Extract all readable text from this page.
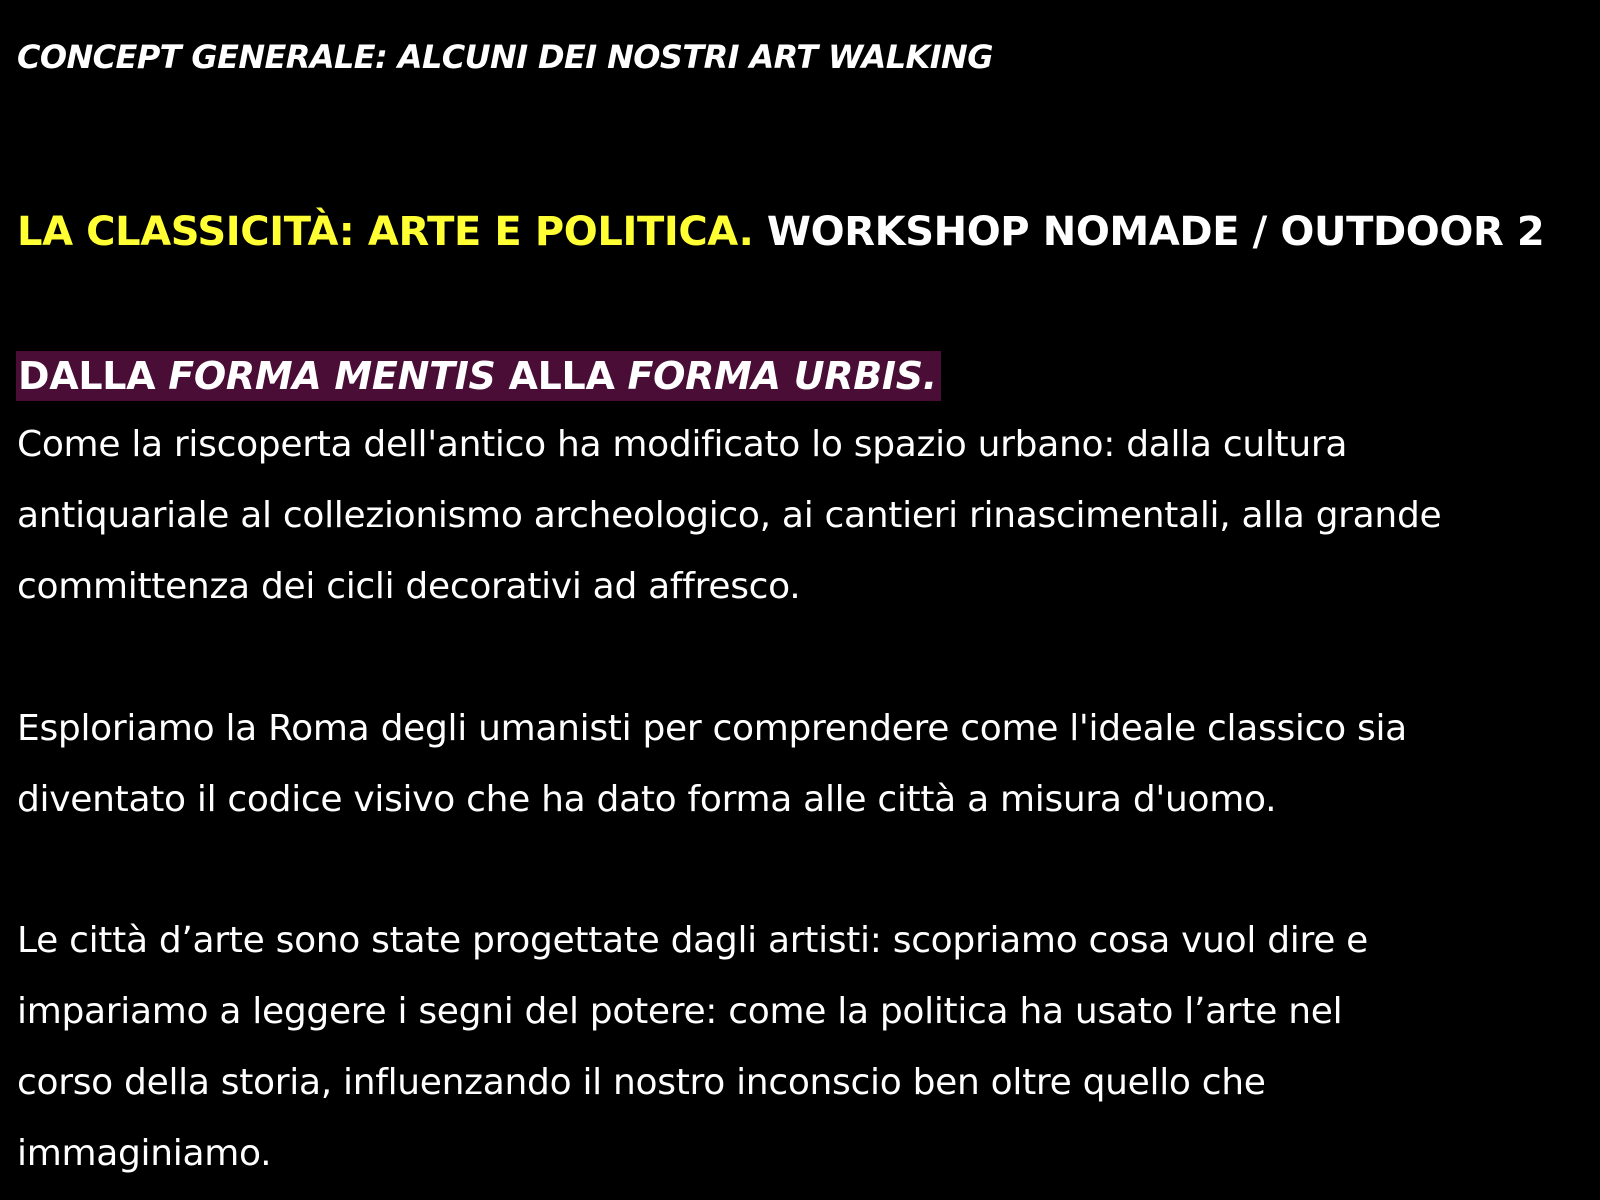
CONCEPT GENERALE: ALCUNI DEI NOSTRI ART WALKING
LA CLASSICITÀ: ARTE E POLITICA. WORKSHOP NOMADE / OUTDOOR 2
DALLA FORMA MENTIS ALLA FORMA URBIS.

Come la riscoperta dell'antico ha modificato lo spazio urbano: dalla cultura
antiquariale al collezionismo archeologico, ai cantieri rinascimentali, alla grande
committenza dei cicli decorativi ad affresco.

Esploriamo la Roma degli umanisti per comprendere come l'ideale classico sia
diventato il codice visivo che ha dato forma alle città a misura d'uomo.

Le città d’arte sono state progettate dagli artisti: scopriamo cosa vuol dire e
impariamo a leggere i segni del potere: come la politica ha usato l’arte nel
corso della storia, influenzando il nostro inconscio ben oltre quello che
immaginiamo.
